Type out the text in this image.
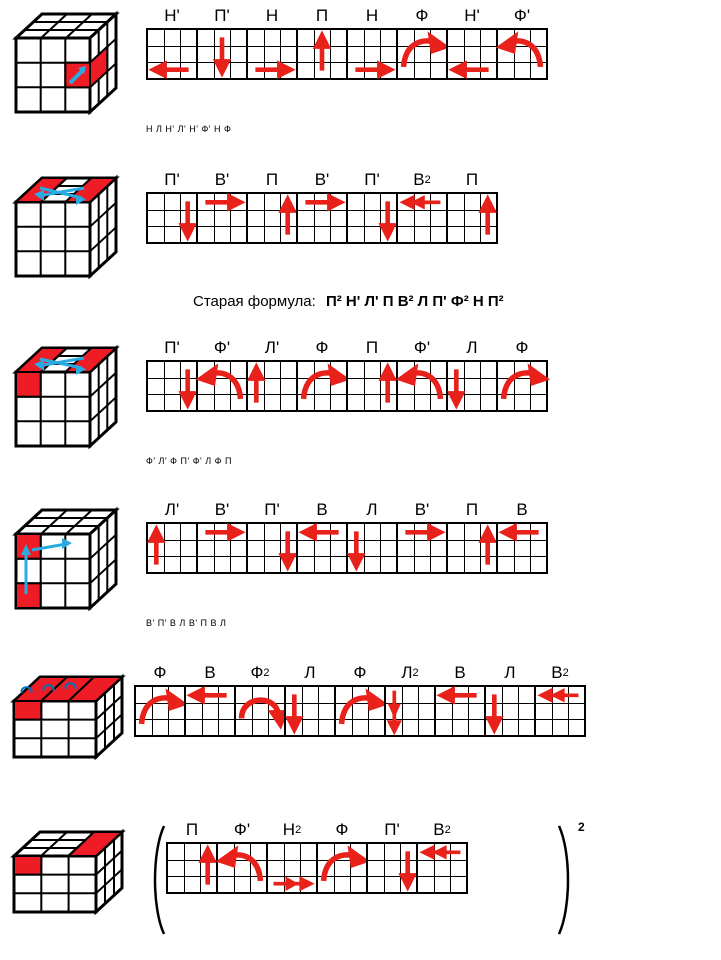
Н' П' Н П Н Ф Н' Ф'
Н Л Н' Л' Н' Ф' Н Ф
П' В' П В' П' В 2 П
Старая формула: П² Н' Л' П В² Л П' Ф² Н П²
П' Ф' Л' Ф П Ф' Л Ф
Ф' Л' Ф П' Ф' Л Ф П
Л' В' П' В Л В' П В
В' П' В Л В' П В Л
Ф В Ф 2 Л Ф Л 2 В Л В 2
П Ф' Н 2 Ф П' В 2	2
